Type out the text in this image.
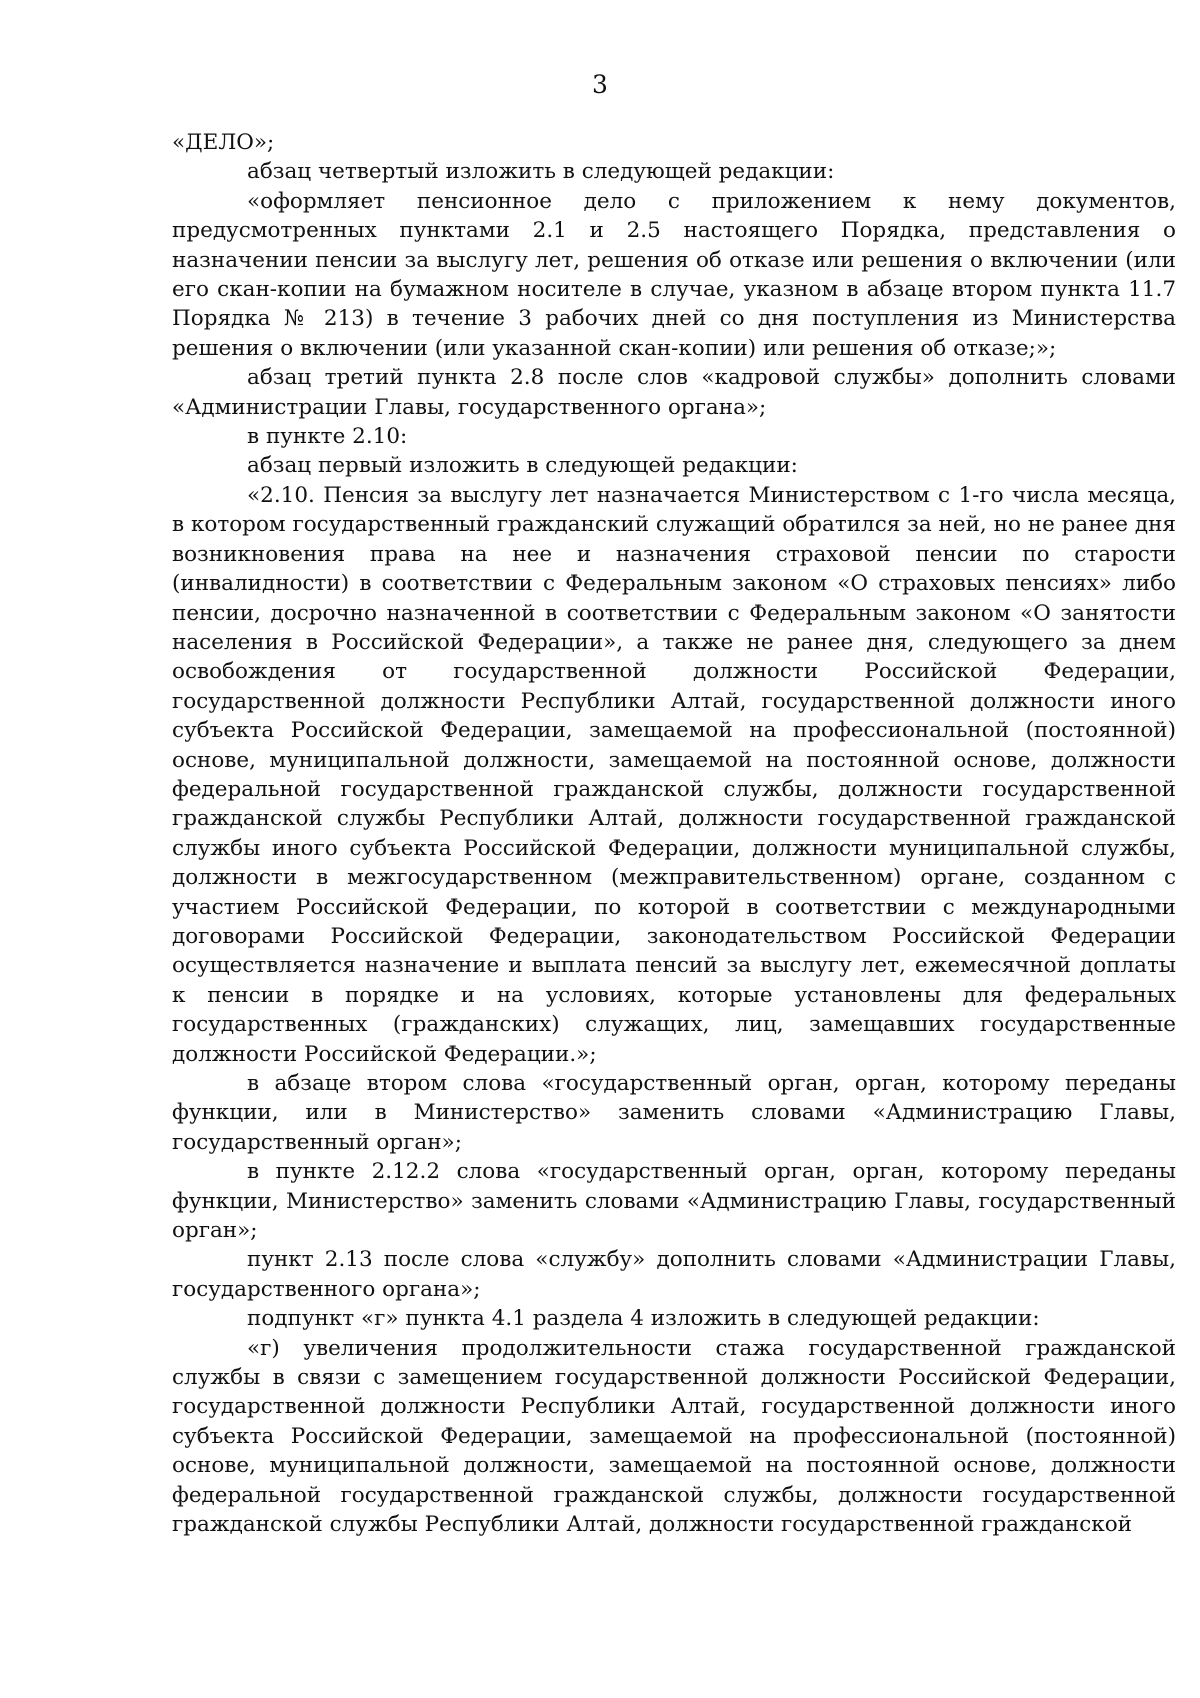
3

«ДЕЛО»;

абзац четвертый изложить в следующей редакции:

«оформляет пенсионное дело с приложением к нему документов, предусмотренных пунктами 2.1 и 2.5 настоящего Порядка, представления о назначении пенсии за выслугу лет, решения об отказе или решения о включении (или его скан-копии на бумажном носителе в случае, указном в абзаце втором пункта 11.7 Порядка № 213) в течение 3 рабочих дней со дня поступления из Министерства решения о включении (или указанной скан-копии) или решения об отказе;»;

абзац третий пункта 2.8 после слов «кадровой службы» дополнить словами «Администрации Главы, государственного органа»;

в пункте 2.10:

абзац первый изложить в следующей редакции:

«2.10. Пенсия за выслугу лет назначается Министерством с 1-го числа месяца, в котором государственный гражданский служащий обратился за ней, но не ранее дня возникновения права на нее и назначения страховой пенсии по старости (инвалидности) в соответствии с Федеральным законом «О страховых пенсиях» либо пенсии, досрочно назначенной в соответствии с Федеральным законом «О занятости населения в Российской Федерации», а также не ранее дня, следующего за днем освобождения от государственной должности Российской Федерации, государственной должности Республики Алтай, государственной должности иного субъекта Российской Федерации, замещаемой на профессиональной (постоянной) основе, муниципальной должности, замещаемой на постоянной основе, должности федеральной государственной гражданской службы, должности государственной гражданской службы Республики Алтай, должности государственной гражданской службы иного субъекта Российской Федерации, должности муниципальной службы, должности в межгосударственном (межправительственном) органе, созданном с участием Российской Федерации, по которой в соответствии с международными договорами Российской Федерации, законодательством Российской Федерации осуществляется назначение и выплата пенсий за выслугу лет, ежемесячной доплаты к пенсии в порядке и на условиях, которые установлены для федеральных государственных (гражданских) служащих, лиц, замещавших государственные должности Российской Федерации.»;

в абзаце втором слова «государственный орган, орган, которому переданы функции, или в Министерство» заменить словами «Администрацию Главы, государственный орган»;

в пункте 2.12.2 слова «государственный орган, орган, которому переданы функции, Министерство» заменить словами «Администрацию Главы, государственный орган»;

пункт 2.13 после слова «службу» дополнить словами «Администрации Главы, государственного органа»;

подпункт «г» пункта 4.1 раздела 4 изложить в следующей редакции:

«г) увеличения продолжительности стажа государственной гражданской службы в связи с замещением государственной должности Российской Федерации, государственной должности Республики Алтай, государственной должности иного субъекта Российской Федерации, замещаемой на профессиональной (постоянной) основе, муниципальной должности, замещаемой на постоянной основе, должности федеральной государственной гражданской службы, должности государственной гражданской службы Республики Алтай, должности государственной гражданской
